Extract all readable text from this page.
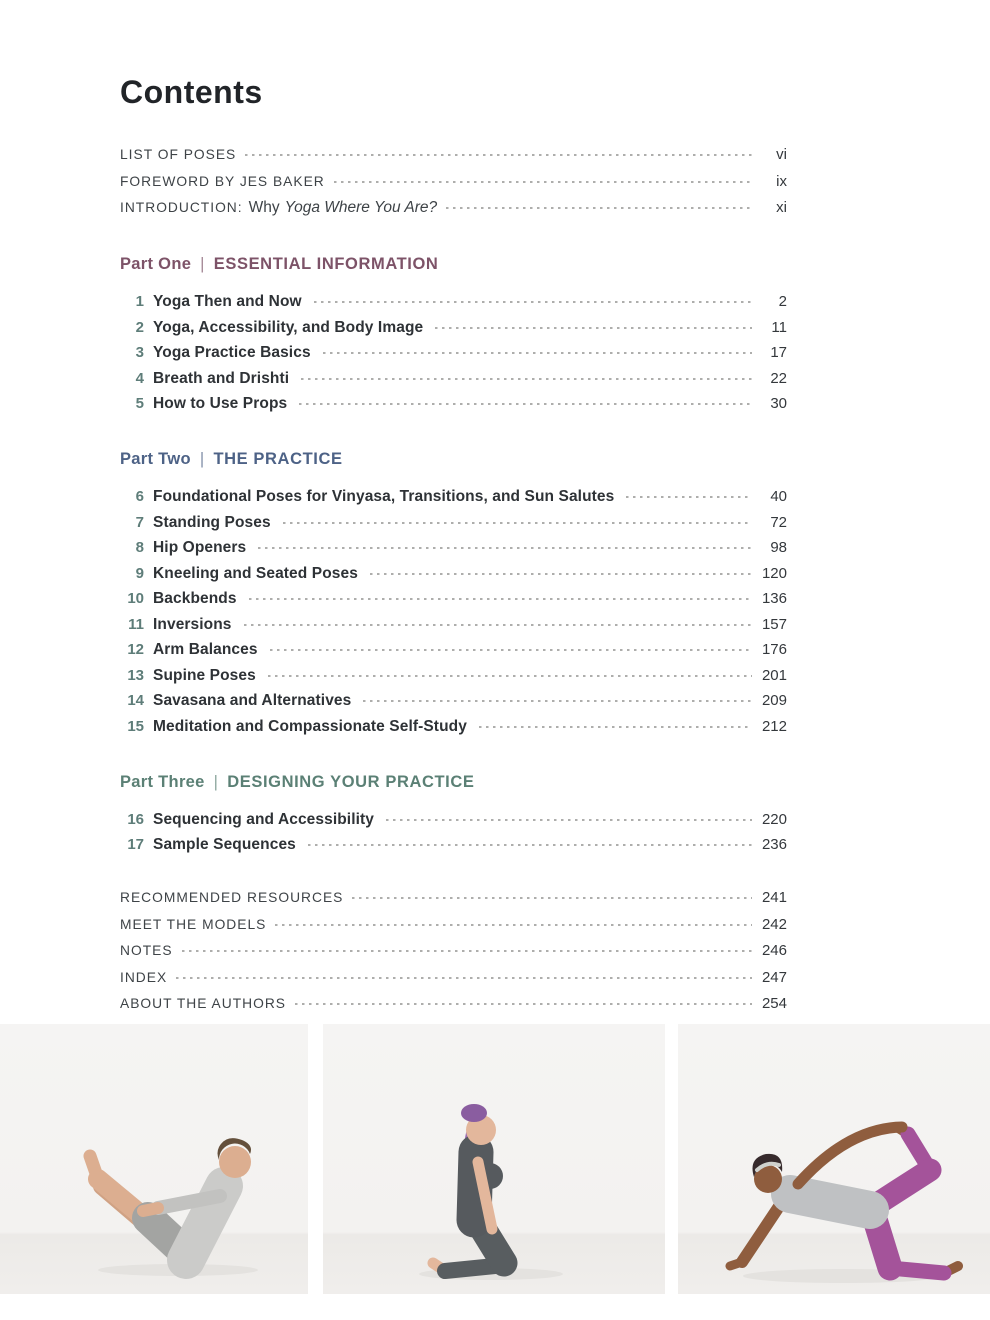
Contents
LIST OF POSES	vi
FOREWORD BY JES BAKER	ix
INTRODUCTION: Why Yoga Where You Are?	xi
Part One | ESSENTIAL INFORMATION
1 Yoga Then and Now	2
2 Yoga, Accessibility, and Body Image	11
3 Yoga Practice Basics	17
4 Breath and Drishti	22
5 How to Use Props	30
Part Two | THE PRACTICE
6 Foundational Poses for Vinyasa, Transitions, and Sun Salutes	40
7 Standing Poses	72
8 Hip Openers	98
9 Kneeling and Seated Poses	120
10 Backbends	136
11 Inversions	157
12 Arm Balances	176
13 Supine Poses	201
14 Savasana and Alternatives	209
15 Meditation and Compassionate Self-Study	212
Part Three | DESIGNING YOUR PRACTICE
16 Sequencing and Accessibility	220
17 Sample Sequences	236
RECOMMENDED RESOURCES	241
MEET THE MODELS	242
NOTES	246
INDEX	247
ABOUT THE AUTHORS	254
